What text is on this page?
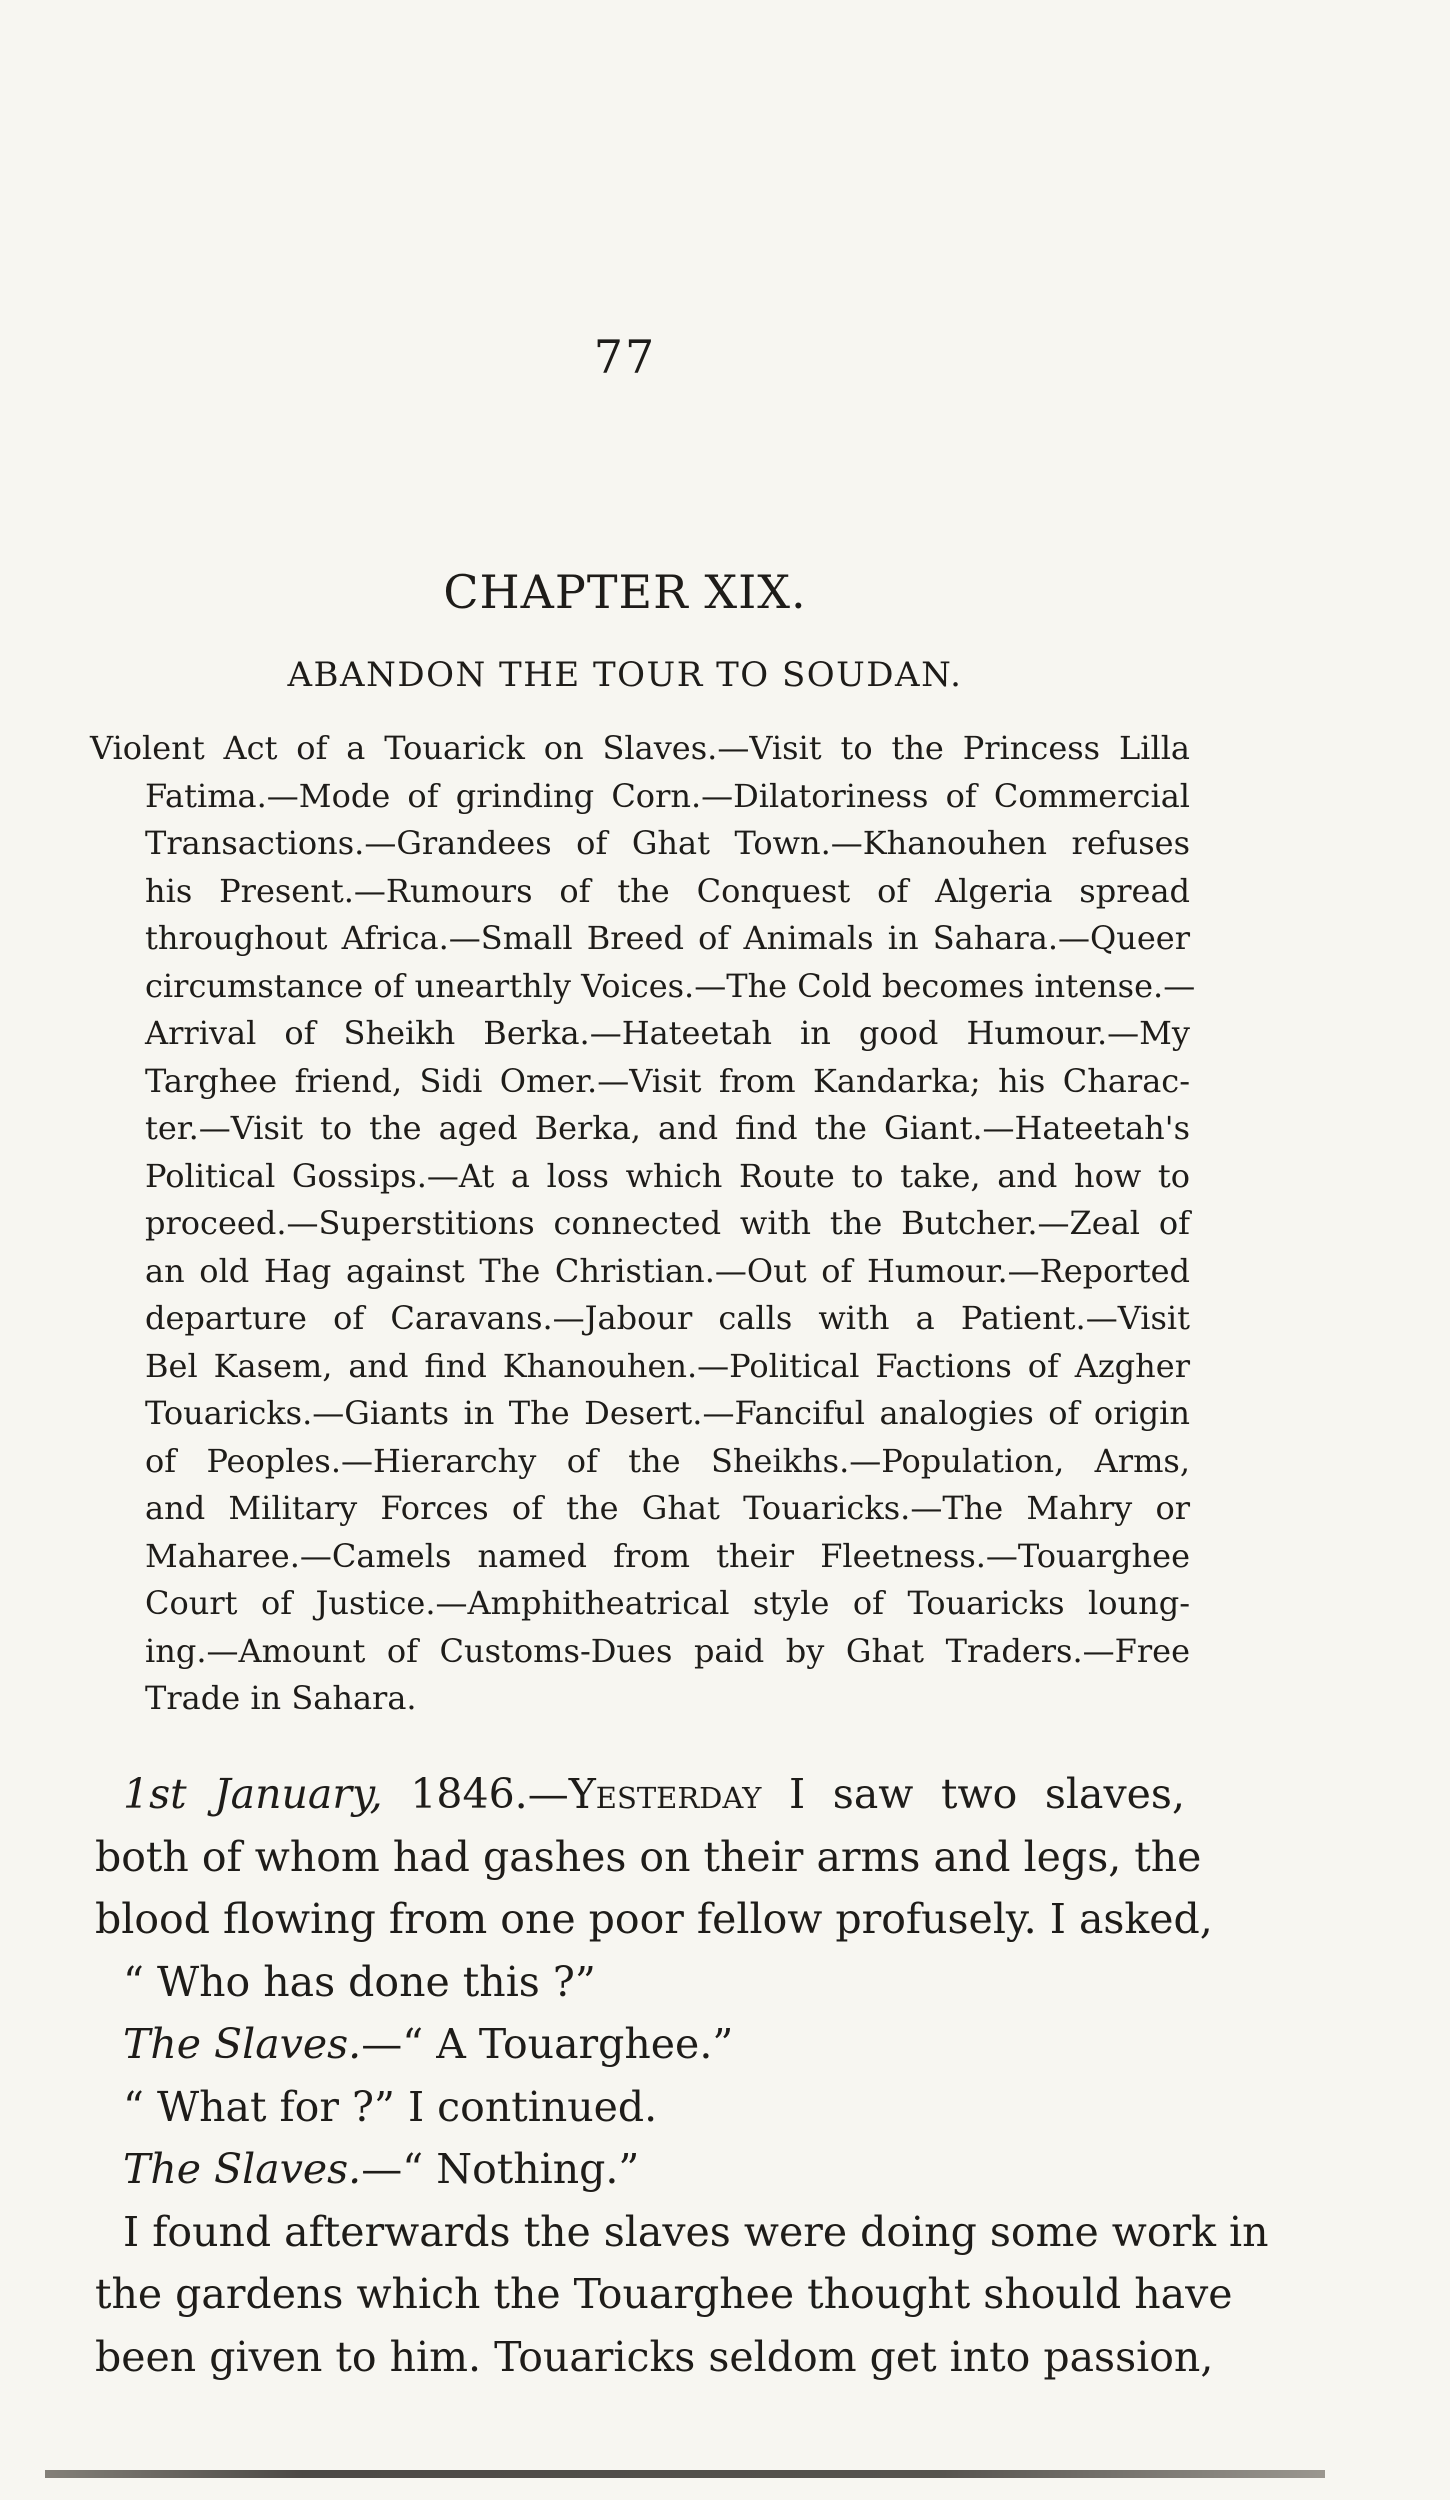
77
CHAPTER XIX.
ABANDON THE TOUR TO SOUDAN.
Violent Act of a Touarick on Slaves.—Visit to the Princess Lilla
Fatima.—Mode of grinding Corn.—Dilatoriness of Commercial
Transactions.—Grandees of Ghat Town.—Khanouhen refuses
his Present.—Rumours of the Conquest of Algeria spread
throughout Africa.—Small Breed of Animals in Sahara.—Queer
circumstance of unearthly Voices.—The Cold becomes intense.—
Arrival of Sheikh Berka.—Hateetah in good Humour.—My
Targhee friend, Sidi Omer.—Visit from Kandarka; his Charac-
ter.—Visit to the aged Berka, and find the Giant.—Hateetah's
Political Gossips.—At a loss which Route to take, and how to
proceed.—Superstitions connected with the Butcher.—Zeal of
an old Hag against The Christian.—Out of Humour.—Reported
departure of Caravans.—Jabour calls with a Patient.—Visit
Bel Kasem, and find Khanouhen.—Political Factions of Azgher
Touaricks.—Giants in The Desert.—Fanciful analogies of origin
of Peoples.—Hierarchy of the Sheikhs.—Population, Arms,
and Military Forces of the Ghat Touaricks.—The Mahry or
Maharee.—Camels named from their Fleetness.—Touarghee
Court of Justice.—Amphitheatrical style of Touaricks loung-
ing.—Amount of Customs-Dues paid by Ghat Traders.—Free
Trade in Sahara.
1st January, 1846.—Yesterday I saw two slaves,
both of whom had gashes on their arms and legs, the
blood flowing from one poor fellow profusely. I asked,
“ Who has done this ?”
The Slaves.—“ A Touarghee.”
“ What for ?” I continued.
The Slaves.—“ Nothing.”
I found afterwards the slaves were doing some work in
the gardens which the Touarghee thought should have
been given to him. Touaricks seldom get into passion,
